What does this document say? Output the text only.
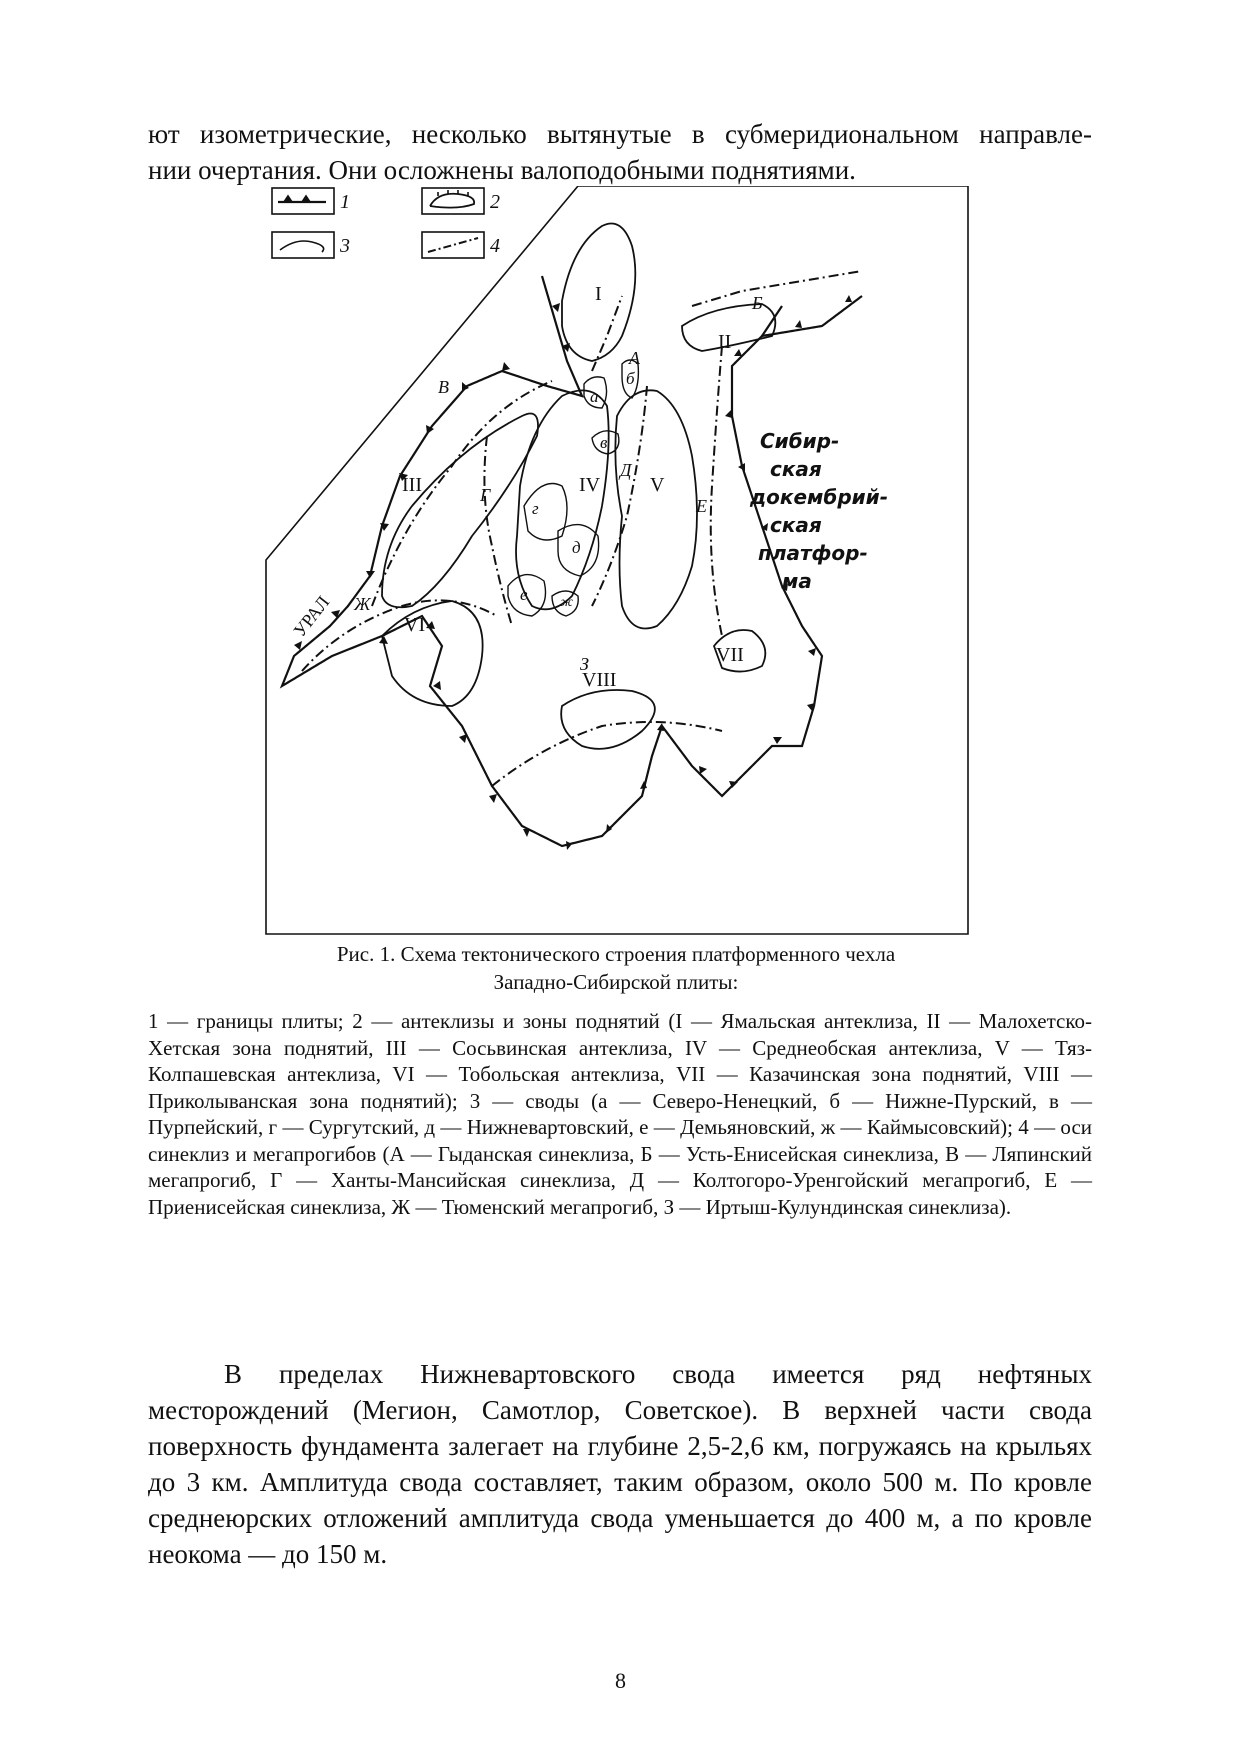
ют изометрические, несколько вытянутые в субмеридиональном направле-
нии очертания. Они осложнены валоподобными поднятиями.
1	2
3	4
I
II
III	IV V
VI
VII
VIII
а
б
в
г
д
е ж
А
Б
В
Г
Д
Е
Ж
З
УРАЛ
Сибир-
ская
докембрий-
ская
платфор-
ма
Рис. 1. Схема тектонического строения платформенного чехла
Западно-Сибирской плиты:
1 — границы плиты; 2 — антеклизы и зоны поднятий (I — Ямальская антеклиза, II — Малохетско-Хетская зона поднятий, III — Сосьвинская антеклиза, IV — Среднеобская антеклиза, V — Тяз-Колпашевская антеклиза, VI — Тобольская антеклиза, VII — Казачинская зона поднятий, VIII — Приколыванская зона поднятий); 3 — своды (а — Северо-Ненецкий, б — Нижне-Пурский, в — Пурпейский, г — Сургутский, д — Нижневартовский, е — Демьяновский, ж — Каймысовский); 4 — оси синеклиз и мегапрогибов (А — Гыданская синеклиза, Б — Усть-Енисейская синеклиза, В — Ляпинский мегапрогиб, Г — Ханты-Мансийская синеклиза, Д — Колтогоро-Уренгойский мегапрогиб, Е — Приенисейская синеклиза, Ж — Тюменский мегапрогиб, З — Иртыш-Кулундинская синеклиза).
В пределах Нижневартовского свода имеется ряд нефтяных месторождений (Мегион, Самотлор, Советское). В верхней части свода поверхность фундамента залегает на глубине 2,5-2,6 км, погружаясь на крыльях до 3 км. Амплитуда свода составляет, таким образом, около 500 м. По кровле среднеюрских отложений амплитуда свода уменьшается до 400 м, а по кровле неокома — до 150 м.
8
